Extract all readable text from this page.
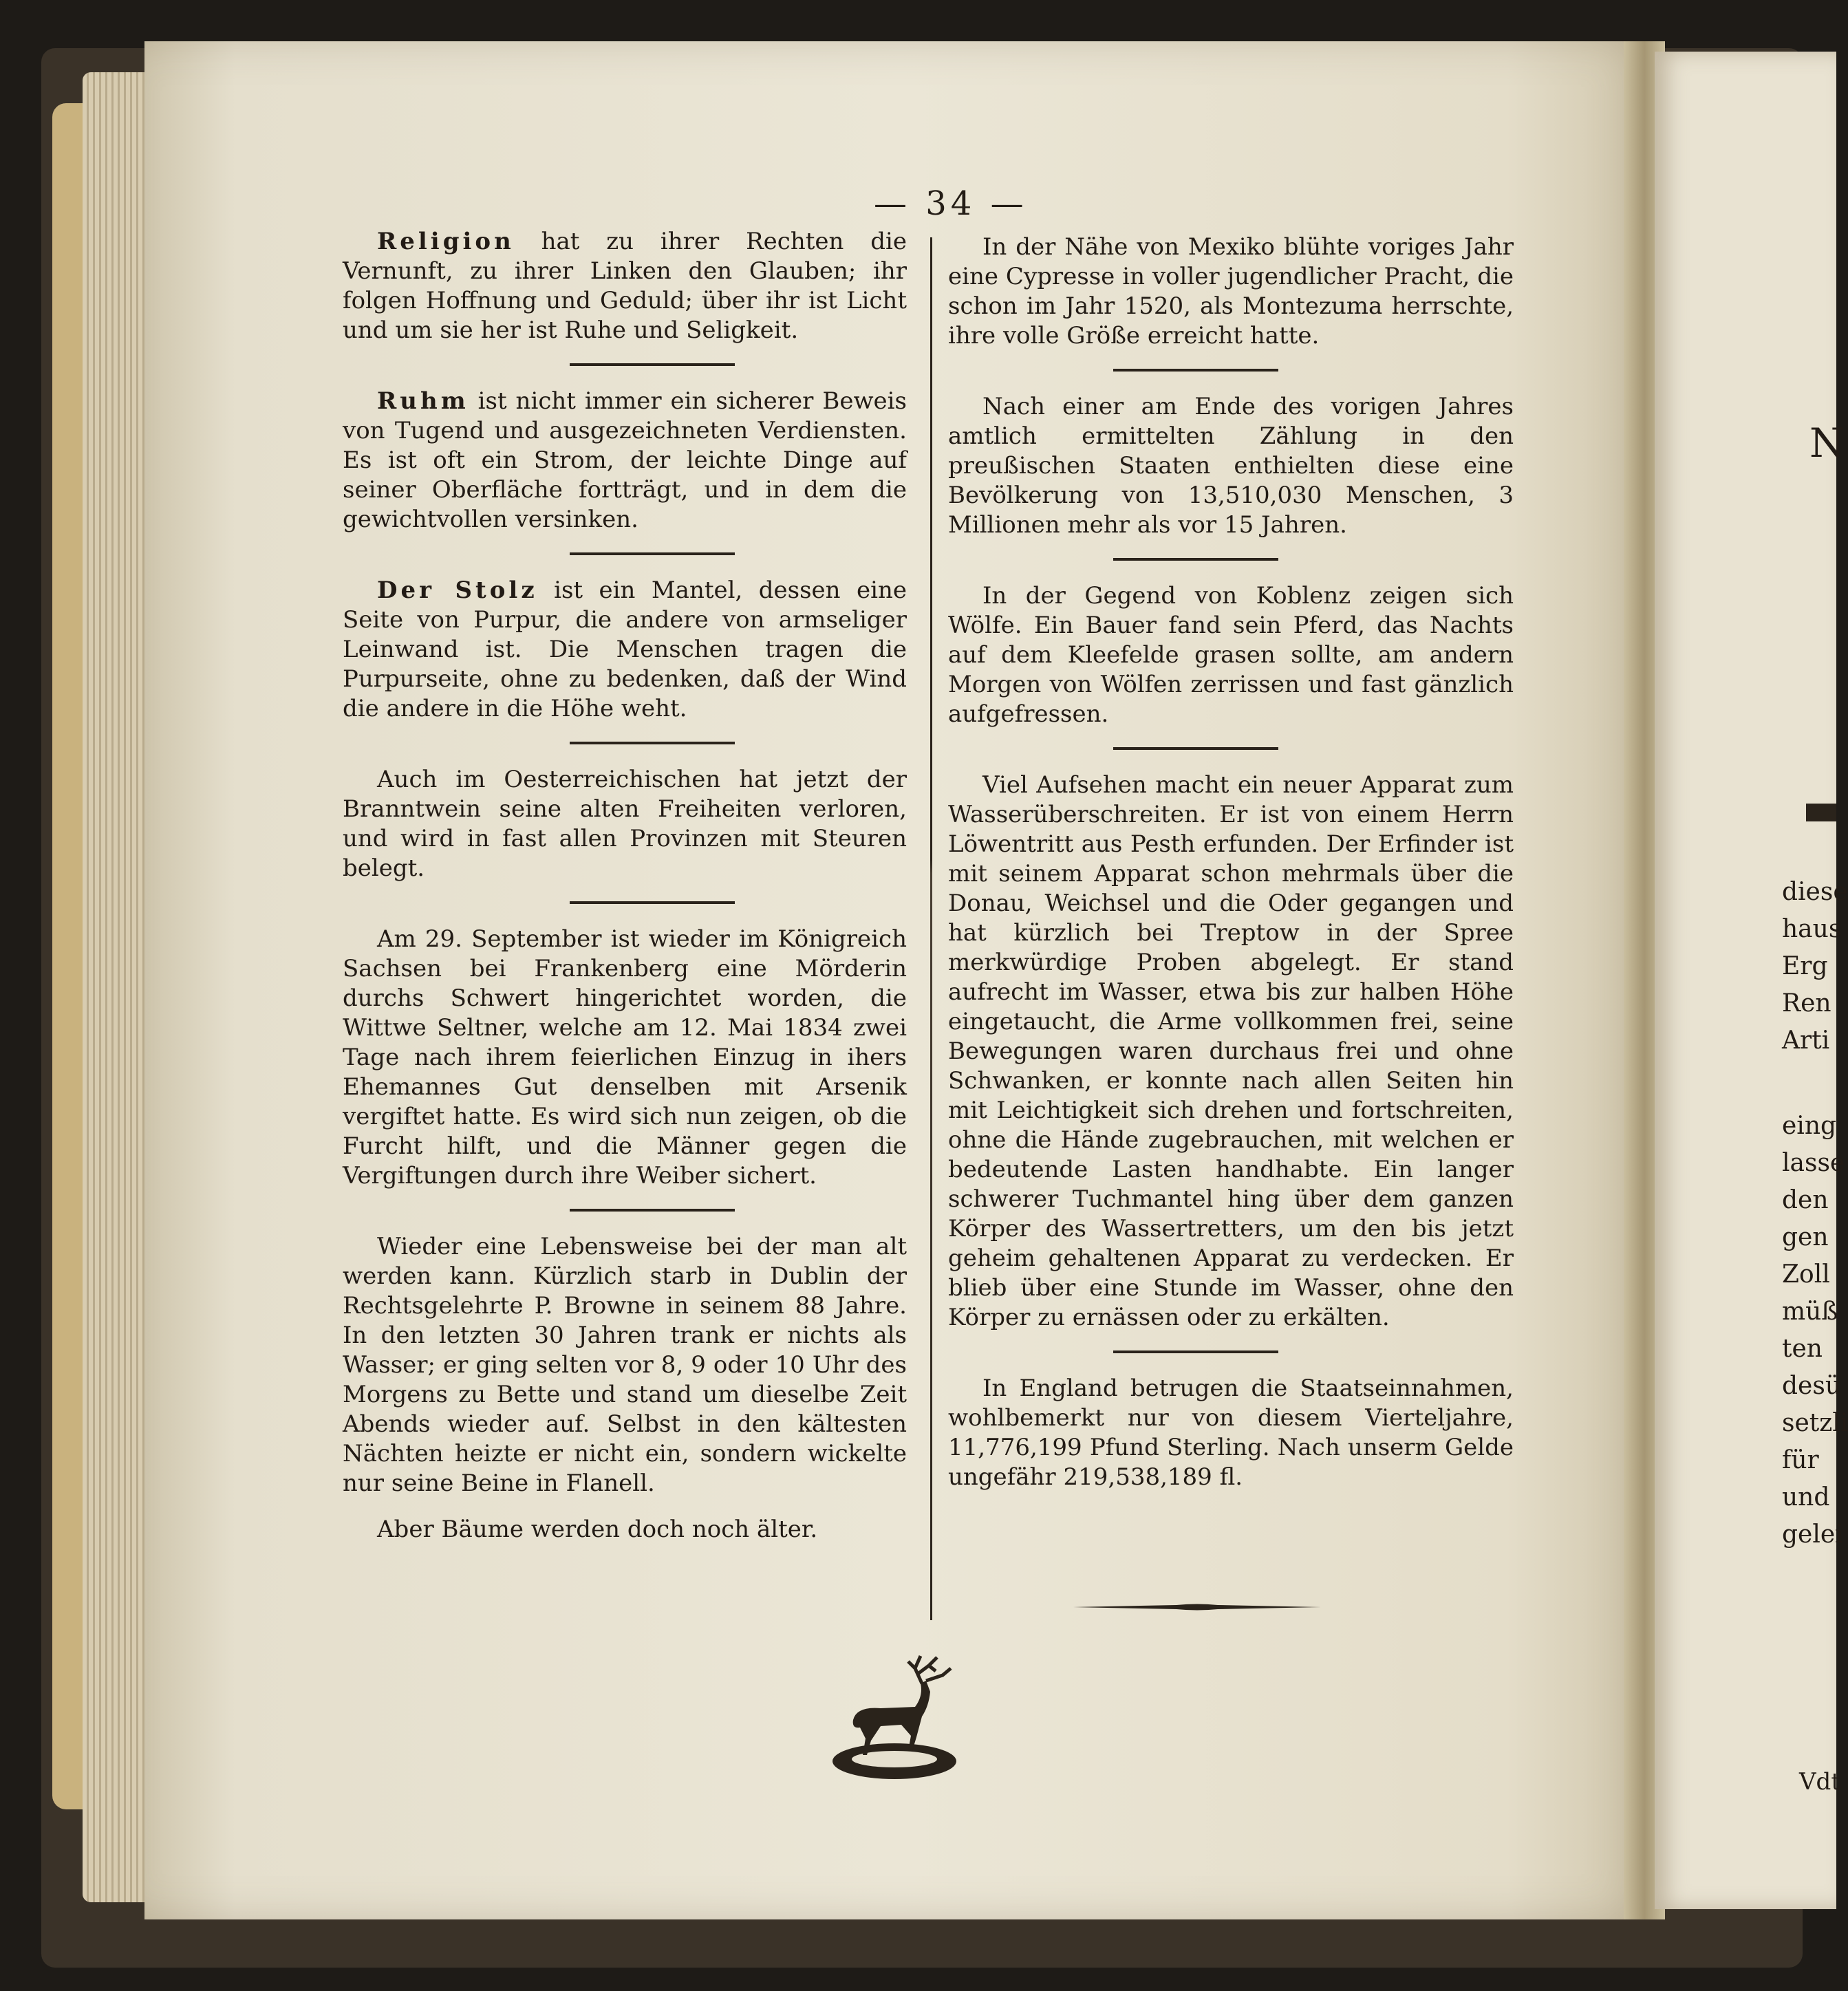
— 34 —

Religion hat zu ihrer Rechten die Vernunft, zu ihrer Linken den Glauben; ihr folgen Hoffnung und Geduld; über ihr ist Licht und um sie her ist Ruhe und Seligkeit.

Ruhm ist nicht immer ein sicherer Beweis von Tugend und ausgezeichneten Verdiensten. Es ist oft ein Strom, der leichte Dinge auf seiner Oberfläche fortträgt, und in dem die gewichtvollen versinken.

Der Stolz ist ein Mantel, dessen eine Seite von Purpur, die andere von armseliger Leinwand ist. Die Menschen tragen die Purpurseite, ohne zu bedenken, daß der Wind die andere in die Höhe weht.

Auch im Oesterreichischen hat jetzt der Branntwein seine alten Freiheiten verloren, und wird in fast allen Provinzen mit Steuren belegt.

Am 29. September ist wieder im Königreich Sachsen bei Frankenberg eine Mörderin durchs Schwert hingerichtet worden, die Wittwe Seltner, welche am 12. Mai 1834 zwei Tage nach ihrem feierlichen Einzug in ihers Ehemannes Gut denselben mit Arsenik vergiftet hatte. Es wird sich nun zeigen, ob die Furcht hilft, und die Männer gegen die Vergiftungen durch ihre Weiber sichert.

Wieder eine Lebensweise bei der man alt werden kann. Kürzlich starb in Dublin der Rechtsgelehrte P. Browne in seinem 88 Jahre. In den letzten 30 Jahren trank er nichts als Wasser; er ging selten vor 8, 9 oder 10 Uhr des Morgens zu Bette und stand um dieselbe Zeit Abends wieder auf. Selbst in den kältesten Nächten heizte er nicht ein, sondern wickelte nur seine Beine in Flanell.

Aber Bäume werden doch noch älter.

In der Nähe von Mexiko blühte voriges Jahr eine Cypresse in voller jugendlicher Pracht, die schon im Jahr 1520, als Montezuma herrschte, ihre volle Größe erreicht hatte.

Nach einer am Ende des vorigen Jahres amtlich ermittelten Zählung in den preußischen Staaten enthielten diese eine Bevölkerung von 13,510,030 Menschen, 3 Millionen mehr als vor 15 Jahren.

In der Gegend von Koblenz zeigen sich Wölfe. Ein Bauer fand sein Pferd, das Nachts auf dem Kleefelde grasen sollte, am andern Morgen von Wölfen zerrissen und fast gänzlich aufgefressen.

Viel Aufsehen macht ein neuer Apparat zum Wasserüberschreiten. Er ist von einem Herrn Löwentritt aus Pesth erfunden. Der Erfinder ist mit seinem Apparat schon mehrmals über die Donau, Weichsel und die Oder gegangen und hat kürzlich bei Treptow in der Spree merkwürdige Proben abgelegt. Er stand aufrecht im Wasser, etwa bis zur halben Höhe eingetaucht, die Arme vollkommen frei, seine Bewegungen waren durchaus frei und ohne Schwanken, er konnte nach allen Seiten hin mit Leichtigkeit sich drehen und fortschreiten, ohne die Hände zugebrauchen, mit welchen er bedeutende Lasten handhabte. Ein langer schwerer Tuchmantel hing über dem ganzen Körper des Wassertretters, um den bis jetzt geheim gehaltenen Apparat zu verdecken. Er blieb über eine Stunde im Wasser, ohne den Körper zu ernässen oder zu erkälten.

In England betrugen die Staatseinnahmen, wohlbemerkt nur von diesem Vierteljahre, 11,776,199 Pfund Sterling. Nach unserm Gelde ungefähr 219,538,189 fl.

N
diese
haus
Erg
Ren
Arti
eing
lasse
den
gen
Zoll
müß
ten
desü
setzli
für
und
gelei
Vdt
